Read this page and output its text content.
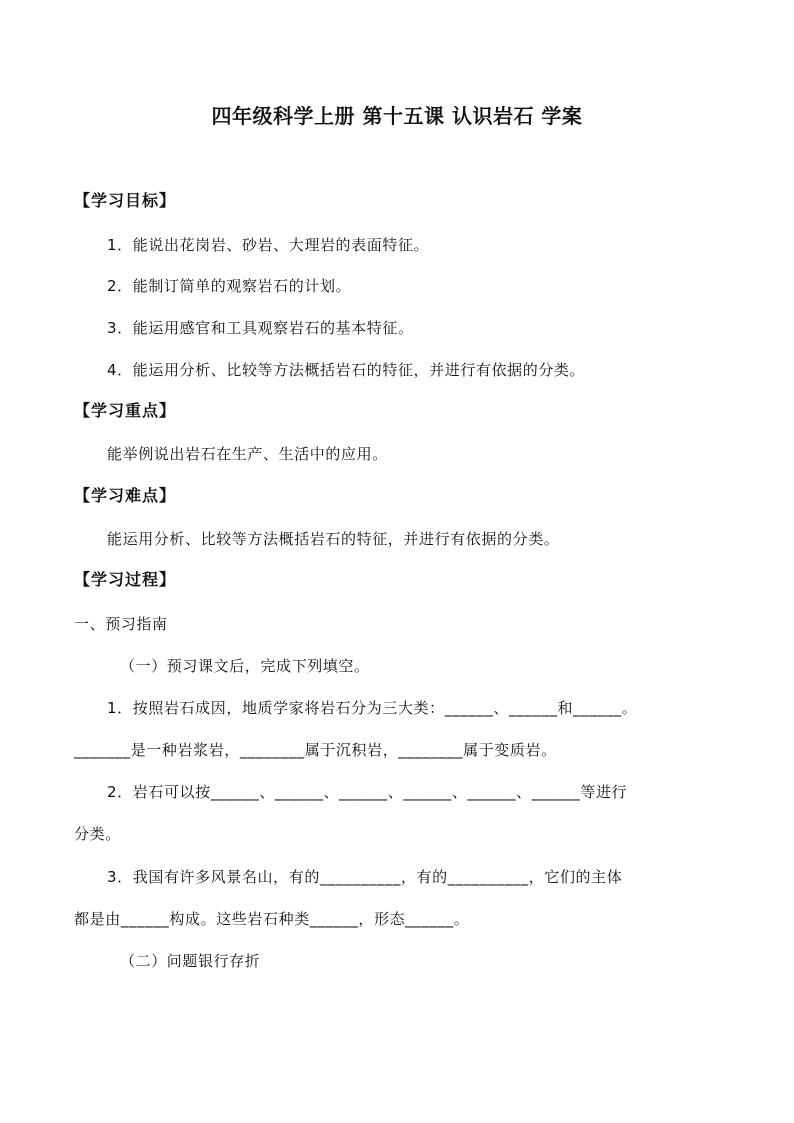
四年级科学上册 第十五课 认识岩石 学案
【学习目标】
1．能说出花岗岩、砂岩、大理岩的表面特征。
2．能制订简单的观察岩石的计划。
3．能运用感官和工具观察岩石的基本特征。
4．能运用分析、比较等方法概括岩石的特征，并进行有依据的分类。
【学习重点】
能举例说出岩石在生产、生活中的应用。
【学习难点】
能运用分析、比较等方法概括岩石的特征，并进行有依据的分类。
【学习过程】
一、预习指南
（一）预习课文后，完成下列填空。
1．按照岩石成因，地质学家将岩石分为三大类：______、______和______。
_______是一种岩浆岩，________属于沉积岩，________属于变质岩。
2．岩石可以按______、______、______、______、______、______等进行
分类。
3．我国有许多风景名山，有的__________，有的__________，它们的主体
都是由______构成。这些岩石种类______，形态______。
（二）问题银行存折
